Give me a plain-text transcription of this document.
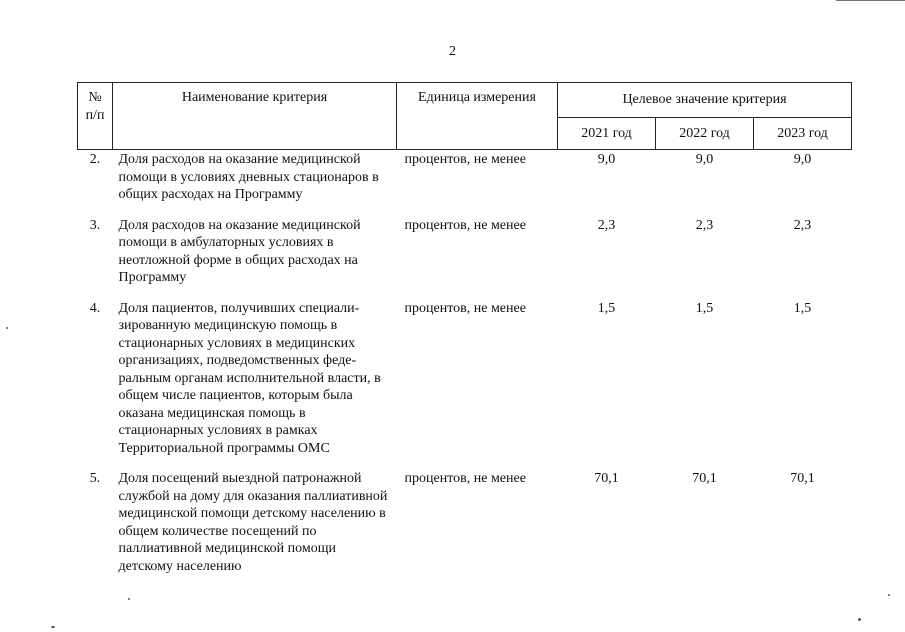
2
№ п/п	Наименование критерия	Единица измерения	Целевое значение критерия		
			2021 год	2022 год	2023 год
2.	Доля расходов на оказание медицинской помощи в условиях дневных стационаров в общих расходах на Программу	процентов, не менее	9,0	9,0	9,0
3.	Доля расходов на оказание медицинской помощи в амбулаторных условиях в неотложной форме в общих расходах на Программу	процентов, не менее	2,3	2,3	2,3
4.	Доля пациентов, получивших специализированную медицинскую помощь в стационарных условиях в медицинских организациях, подведомственных федеральным органам исполнительной власти, в общем числе пациентов, которым была оказана медицинская помощь в стационарных условиях в рамках Территориальной программы ОМС	процентов, не менее	1,5	1,5	1,5
5.	Доля посещений выездной патронажной службой на дому для оказания паллиативной медицинской помощи детскому населению в общем количестве посещений по паллиативной медицинской помощи детскому населению	процентов, не менее	70,1	70,1	70,1
